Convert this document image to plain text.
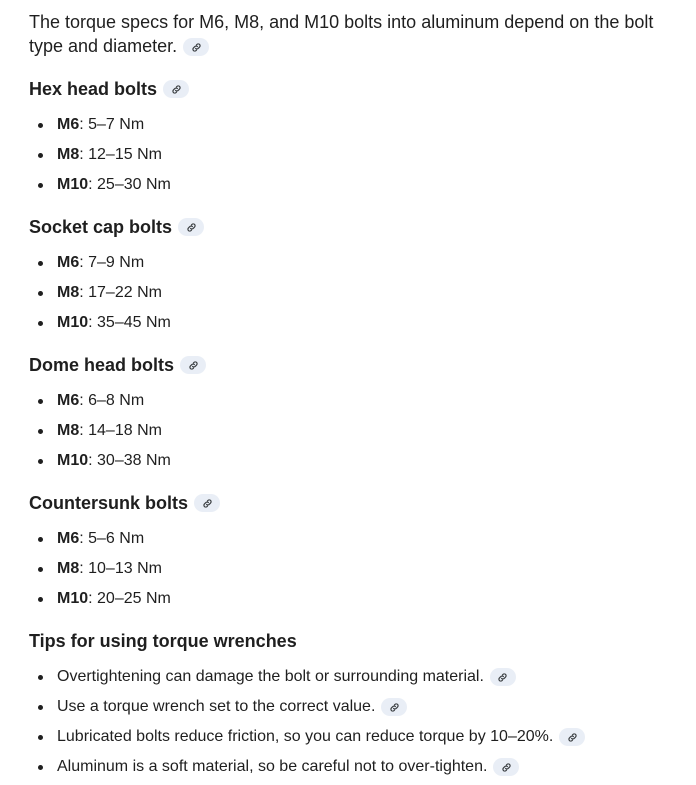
The torque specs for M6, M8, and M10 bolts into aluminum depend on the bolt type and diameter.

Hex head bolts
M6 : 5–7 Nm
M8 : 12–15 Nm
M10 : 25–30 Nm
Socket cap bolts
M6 : 7–9 Nm
M8 : 17–22 Nm
M10 : 35–45 Nm
Dome head bolts
M6 : 6–8 Nm
M8 : 14–18 Nm
M10 : 30–38 Nm
Countersunk bolts
M6 : 5–6 Nm
M8 : 10–13 Nm
M10 : 20–25 Nm
Tips for using torque wrenches
Overtightening can damage the bolt or surrounding material.
Use a torque wrench set to the correct value.
Lubricated bolts reduce friction, so you can reduce torque by 10–20%.
Aluminum is a soft material, so be careful not to over-tighten.
